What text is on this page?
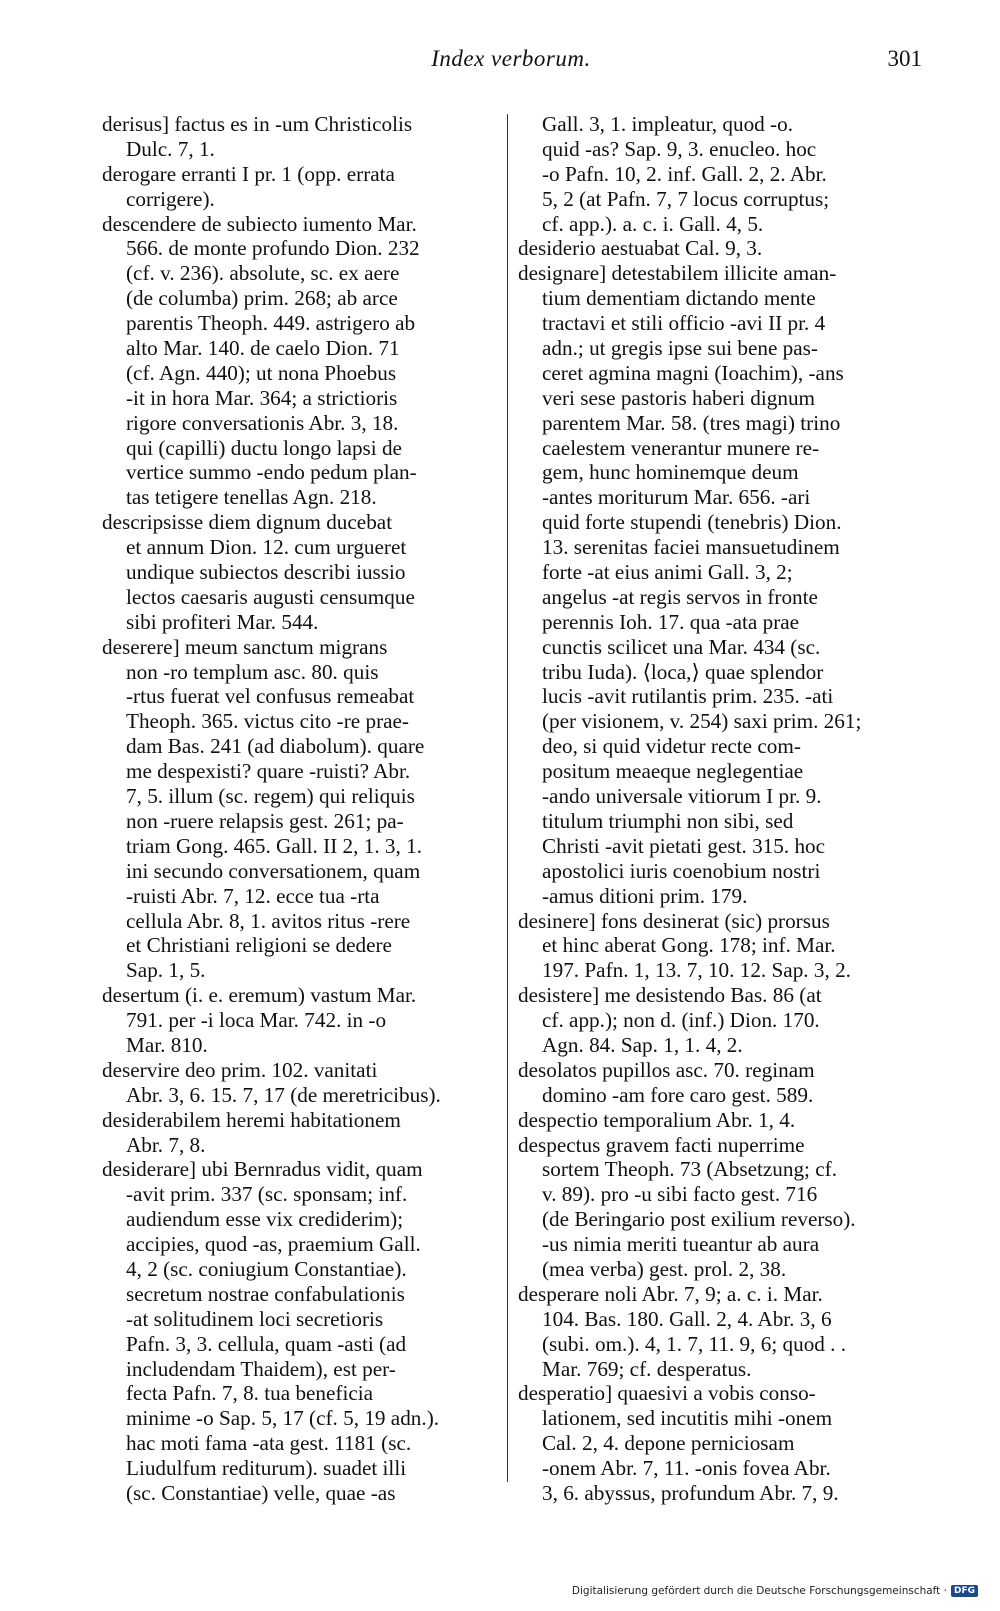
Index verborum.	301
derisus] factus es in -um Christicolis
Dulc. 7, 1.
derogare erranti I pr. 1 (opp. errata
corrigere).
descendere de subiecto iumento Mar.
566. de monte profundo Dion. 232
(cf. v. 236). absolute, sc. ex aere
(de columba) prim. 268; ab arce
parentis Theoph. 449. astrigero ab
alto Mar. 140. de caelo Dion. 71
(cf. Agn. 440); ut nona Phoebus
-it in hora Mar. 364; a strictioris
rigore conversationis Abr. 3, 18.
qui (capilli) ductu longo lapsi de
vertice summo -endo pedum plan-
tas tetigere tenellas Agn. 218.
descripsisse diem dignum ducebat
et annum Dion. 12. cum urgueret
undique subiectos describi iussio
lectos caesaris augusti censumque
sibi profiteri Mar. 544.
deserere] meum sanctum migrans
non -ro templum asc. 80. quis
-rtus fuerat vel confusus remeabat
Theoph. 365. victus cito -re prae-
dam Bas. 241 (ad diabolum). quare
me despexisti? quare -ruisti? Abr.
7, 5. illum (sc. regem) qui reliquis
non -ruere relapsis gest. 261; pa-
triam Gong. 465. Gall. II 2, 1. 3, 1.
ini secundo conversationem, quam
-ruisti Abr. 7, 12. ecce tua -rta
cellula Abr. 8, 1. avitos ritus -rere
et Christiani religioni se dedere
Sap. 1, 5.
desertum (i. e. eremum) vastum Mar.
791. per -i loca Mar. 742. in -o
Mar. 810.
deservire deo prim. 102. vanitati
Abr. 3, 6. 15. 7, 17 (de meretricibus).
desiderabilem heremi habitationem
Abr. 7, 8.
desiderare] ubi Bernradus vidit, quam
-avit prim. 337 (sc. sponsam; inf.
audiendum esse vix crediderim);
accipies, quod -as, praemium Gall.
4, 2 (sc. coniugium Constantiae).
secretum nostrae confabulationis
-at solitudinem loci secretioris
Pafn. 3, 3. cellula, quam -asti (ad
includendam Thaidem), est per-
fecta Pafn. 7, 8. tua beneficia
minime -o Sap. 5, 17 (cf. 5, 19 adn.).
hac moti fama -ata gest. 1181 (sc.
Liudulfum rediturum). suadet illi
(sc. Constantiae) velle, quae -as
Gall. 3, 1. impleatur, quod -o.
quid -as? Sap. 9, 3. enucleo. hoc
-o Pafn. 10, 2. inf. Gall. 2, 2. Abr.
5, 2 (at Pafn. 7, 7 locus corruptus;
cf. app.). a. c. i. Gall. 4, 5.
desiderio aestuabat Cal. 9, 3.
designare] detestabilem illicite aman-
tium dementiam dictando mente
tractavi et stili officio -avi II pr. 4
adn.; ut gregis ipse sui bene pas-
ceret agmina magni (Ioachim), -ans
veri sese pastoris haberi dignum
parentem Mar. 58. (tres magi) trino
caelestem venerantur munere re-
gem, hunc hominemque deum
-antes moriturum Mar. 656. -ari
quid forte stupendi (tenebris) Dion.
13. serenitas faciei mansuetudinem
forte -at eius animi Gall. 3, 2;
angelus -at regis servos in fronte
perennis Ioh. 17. qua -ata prae
cunctis scilicet una Mar. 434 (sc.
tribu Iuda). ⟨loca,⟩ quae splendor
lucis -avit rutilantis prim. 235. -ati
(per visionem, v. 254) saxi prim. 261;
deo, si quid videtur recte com-
positum meaeque neglegentiae
-ando universale vitiorum I pr. 9.
titulum triumphi non sibi, sed
Christi -avit pietati gest. 315. hoc
apostolici iuris coenobium nostri
-amus ditioni prim. 179.
desinere] fons desinerat (sic) prorsus
et hinc aberat Gong. 178; inf. Mar.
197. Pafn. 1, 13. 7, 10. 12. Sap. 3, 2.
desistere] me desistendo Bas. 86 (at
cf. app.); non d. (inf.) Dion. 170.
Agn. 84. Sap. 1, 1. 4, 2.
desolatos pupillos asc. 70. reginam
domino -am fore caro gest. 589.
despectio temporalium Abr. 1, 4.
despectus gravem facti nuperrime
sortem Theoph. 73 (Absetzung; cf.
v. 89). pro -u sibi facto gest. 716
(de Beringario post exilium reverso).
-us nimia meriti tueantur ab aura
(mea verba) gest. prol. 2, 38.
desperare noli Abr. 7, 9; a. c. i. Mar.
104. Bas. 180. Gall. 2, 4. Abr. 3, 6
(subi. om.). 4, 1. 7, 11. 9, 6; quod . .
Mar. 769; cf. desperatus.
desperatio] quaesivi a vobis conso-
lationem, sed incutitis mihi -onem
Cal. 2, 4. depone perniciosam
-onem Abr. 7, 11. -onis fovea Abr.
3, 6. abyssus, profundum Abr. 7, 9.
Digitalisierung gefördert durch die Deutsche Forschungsgemeinschaft · DFG
